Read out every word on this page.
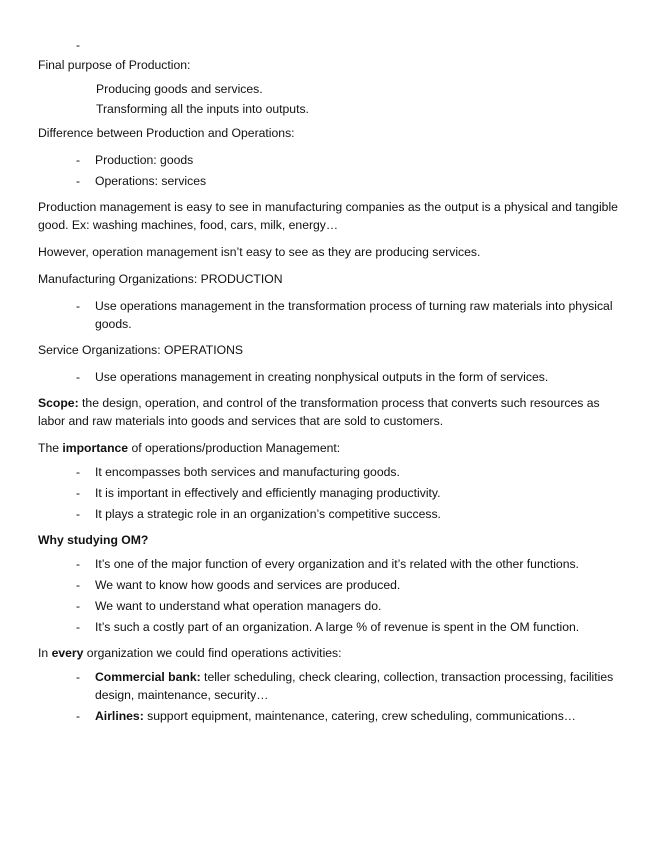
-
Final purpose of Production:
Producing goods and services.
Transforming all the inputs into outputs.
Difference between Production and Operations:
- Production: goods
- Operations: services
Production management is easy to see in manufacturing companies as the output is a physical and tangible good. Ex: washing machines, food, cars, milk, energy…
However, operation management isn’t easy to see as they are producing services.
Manufacturing Organizations: PRODUCTION
- Use operations management in the transformation process of turning raw materials into physical goods.
Service Organizations: OPERATIONS
- Use operations management in creating nonphysical outputs in the form of services.
Scope: the design, operation, and control of the transformation process that converts such resources as labor and raw materials into goods and services that are sold to customers.
The importance of operations/production Management:
- It encompasses both services and manufacturing goods.
- It is important in effectively and efficiently managing productivity.
- It plays a strategic role in an organization’s competitive success.
Why studying OM?
- It’s one of the major function of every organization and it’s related with the other functions.
- We want to know how goods and services are produced.
- We want to understand what operation managers do.
- It’s such a costly part of an organization. A large % of revenue is spent in the OM function.
In every organization we could find operations activities:
- Commercial bank: teller scheduling, check clearing, collection, transaction processing, facilities design, maintenance, security…
- Airlines: support equipment, maintenance, catering, crew scheduling, communications…
